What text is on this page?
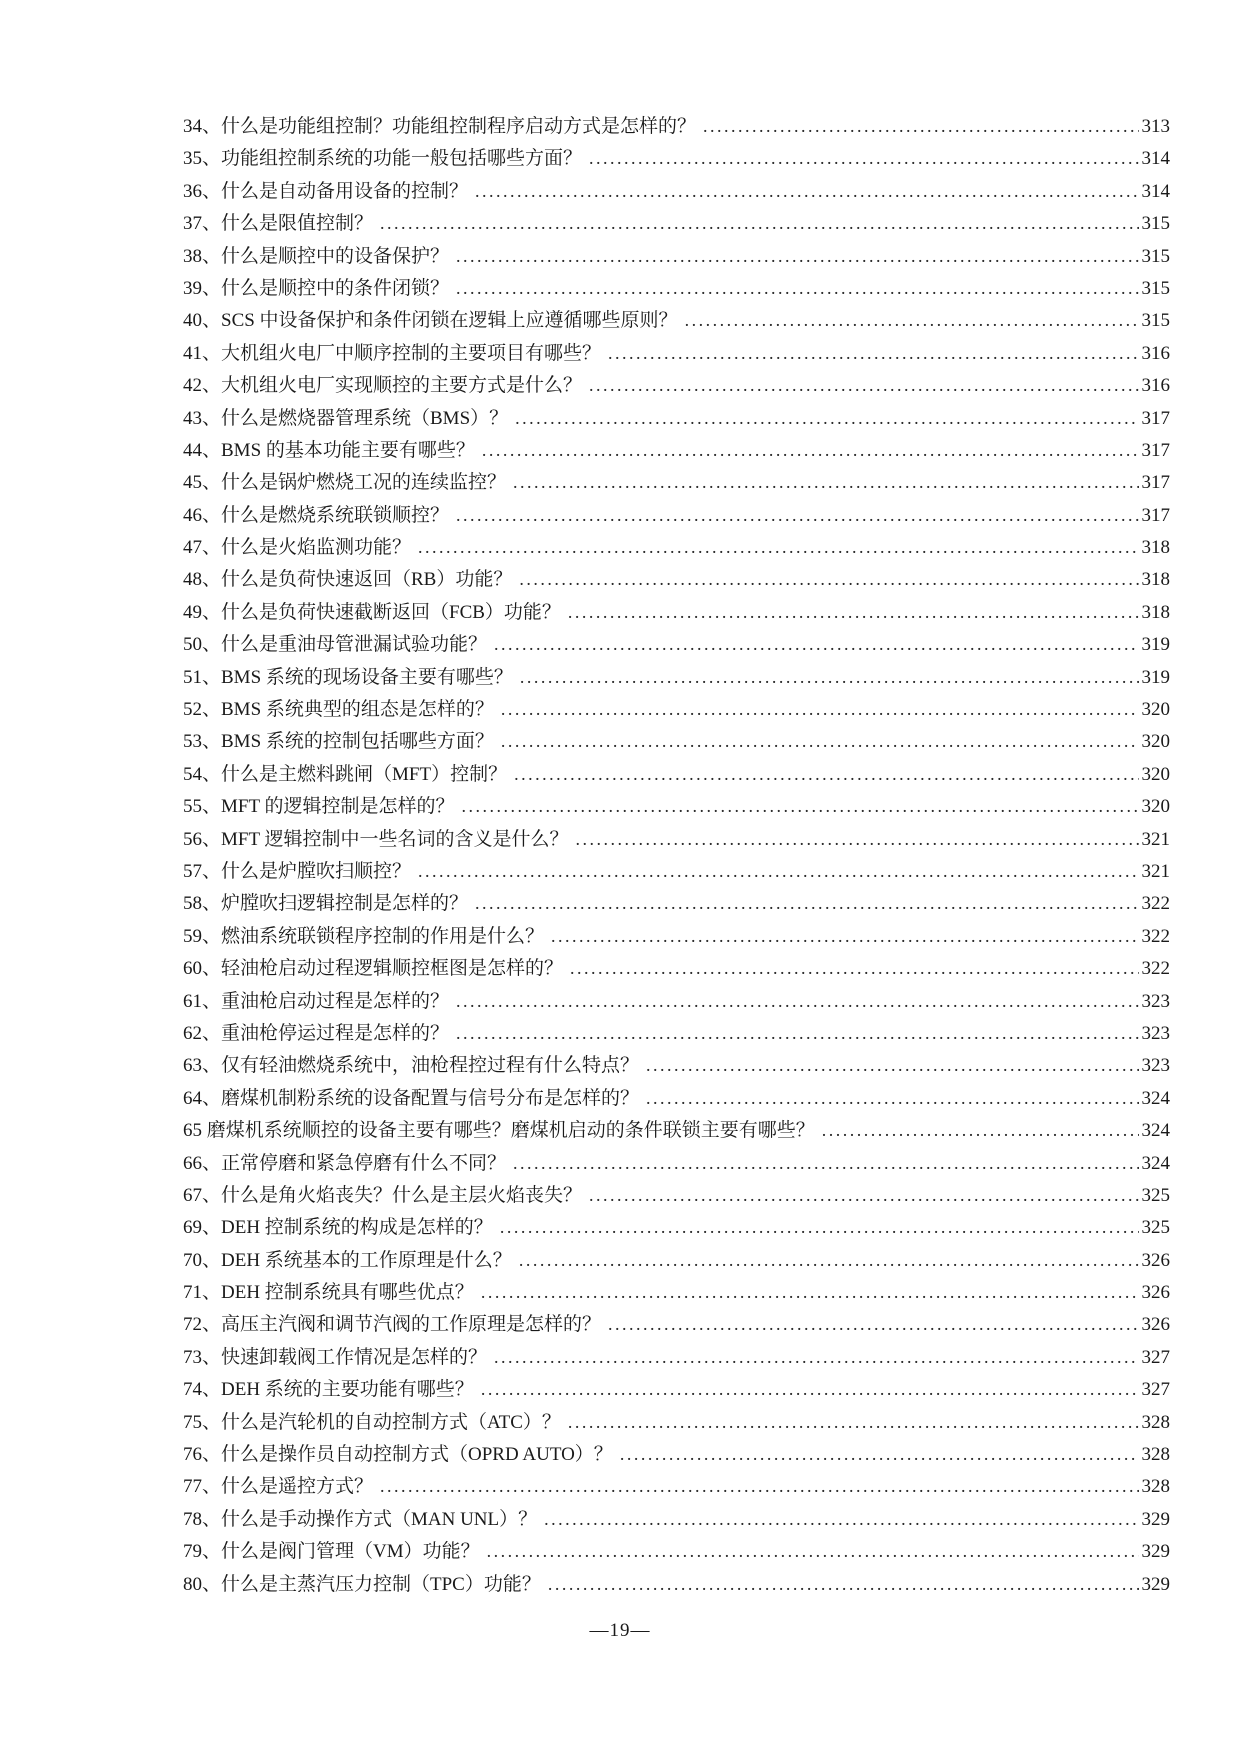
34、什么是功能组控制？功能组控制程序启动方式是怎样的？ .....	313
35、功能组控制系统的功能一般包括哪些方面？ .....	314
36、什么是自动备用设备的控制？ .....	314
37、什么是限值控制？ .....	315
38、什么是顺控中的设备保护？ .....	315
39、什么是顺控中的条件闭锁？ .....	315
40、SCS 中设备保护和条件闭锁在逻辑上应遵循哪些原则？ .....	315
41、大机组火电厂中顺序控制的主要项目有哪些？ .....	316
42、大机组火电厂实现顺控的主要方式是什么？ .....	316
43、什么是燃烧器管理系统（BMS）？ .....	317
44、BMS 的基本功能主要有哪些？ .....	317
45、什么是锅炉燃烧工况的连续监控？ .....	317
46、什么是燃烧系统联锁顺控？ .....	317
47、什么是火焰监测功能？ .....	318
48、什么是负荷快速返回（RB）功能？ .....	318
49、什么是负荷快速截断返回（FCB）功能？ .....	318
50、什么是重油母管泄漏试验功能？ .....	319
51、BMS 系统的现场设备主要有哪些？ .....	319
52、BMS 系统典型的组态是怎样的？ .....	320
53、BMS 系统的控制包括哪些方面？ .....	320
54、什么是主燃料跳闸（MFT）控制？ .....	320
55、MFT 的逻辑控制是怎样的？ .....	320
56、MFT 逻辑控制中一些名词的含义是什么？ .....	321
57、什么是炉膛吹扫顺控？ .....	321
58、炉膛吹扫逻辑控制是怎样的？ .....	322
59、燃油系统联锁程序控制的作用是什么？ .....	322
60、轻油枪启动过程逻辑顺控框图是怎样的？ .....	322
61、重油枪启动过程是怎样的？ .....	323
62、重油枪停运过程是怎样的？ .....	323
63、仅有轻油燃烧系统中，油枪程控过程有什么特点？ .....	323
64、磨煤机制粉系统的设备配置与信号分布是怎样的？ .....	324
65 磨煤机系统顺控的设备主要有哪些？磨煤机启动的条件联锁主要有哪些？ .....	324
66、正常停磨和紧急停磨有什么不同？ .....	324
67、什么是角火焰丧失？什么是主层火焰丧失？ .....	325
69、DEH 控制系统的构成是怎样的？ .....	325
70、DEH 系统基本的工作原理是什么？ .....	326
71、DEH 控制系统具有哪些优点？ .....	326
72、高压主汽阀和调节汽阀的工作原理是怎样的？ .....	326
73、快速卸载阀工作情况是怎样的？ .....	327
74、DEH 系统的主要功能有哪些？ .....	327
75、什么是汽轮机的自动控制方式（ATC）？ .....	328
76、什么是操作员自动控制方式（OPRD AUTO）？ .....	328
77、什么是遥控方式？ .....	328
78、什么是手动操作方式（MAN UNL）？ .....	329
79、什么是阀门管理（VM）功能？ .....	329
80、什么是主蒸汽压力控制（TPC）功能？ .....	329
—19—
